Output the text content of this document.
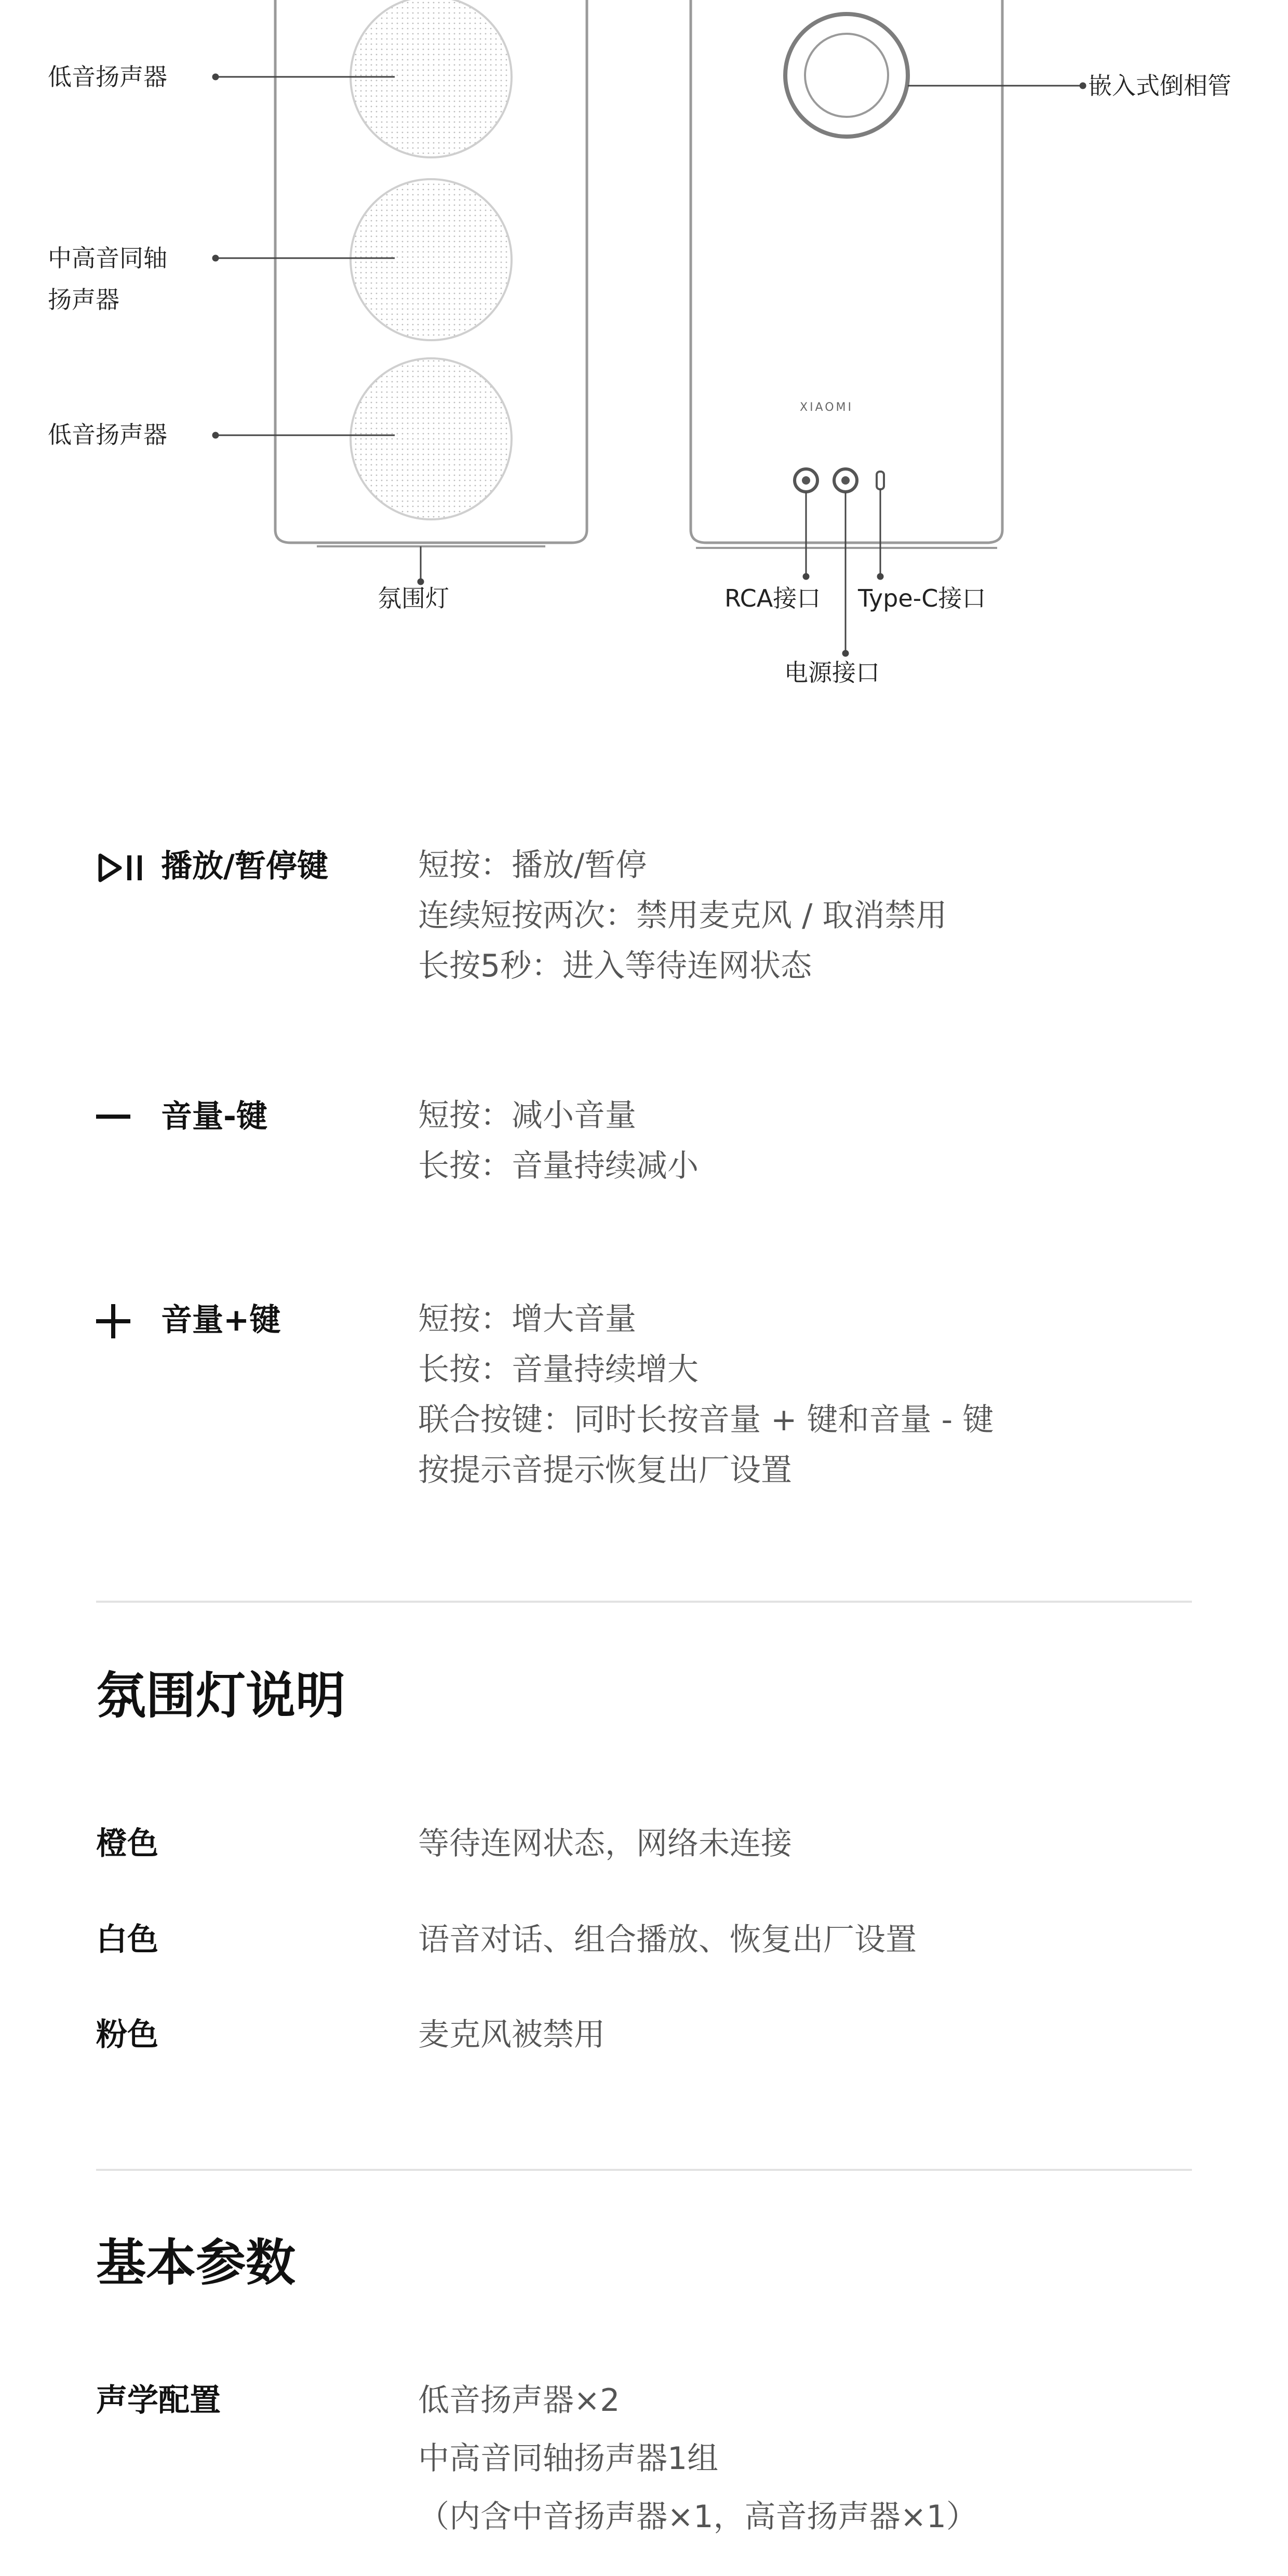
低音扬声器
中高音同轴
扬声器
低音扬声器
氛围灯
嵌入式倒相管
XIAOMI
RCA接口 Type-C接口
电源接口
播放/暂停键	短按：播放/暂停
连续短按两次：禁用麦克风 / 取消禁用
长按5秒：进入等待连网状态
音量-键	短按：减小音量
长按：音量持续减小
音量+键	短按：增大音量
长按：音量持续增大
联合按键：同时长按音量 + 键和音量 - 键
按提示音提示恢复出厂设置
氛围灯说明
橙色	等待连网状态，网络未连接
白色	语音对话、组合播放、恢复出厂设置
粉色	麦克风被禁用
基本参数
声学配置	低音扬声器×2
中高音同轴扬声器1组
（内含中音扬声器×1，高音扬声器×1）
